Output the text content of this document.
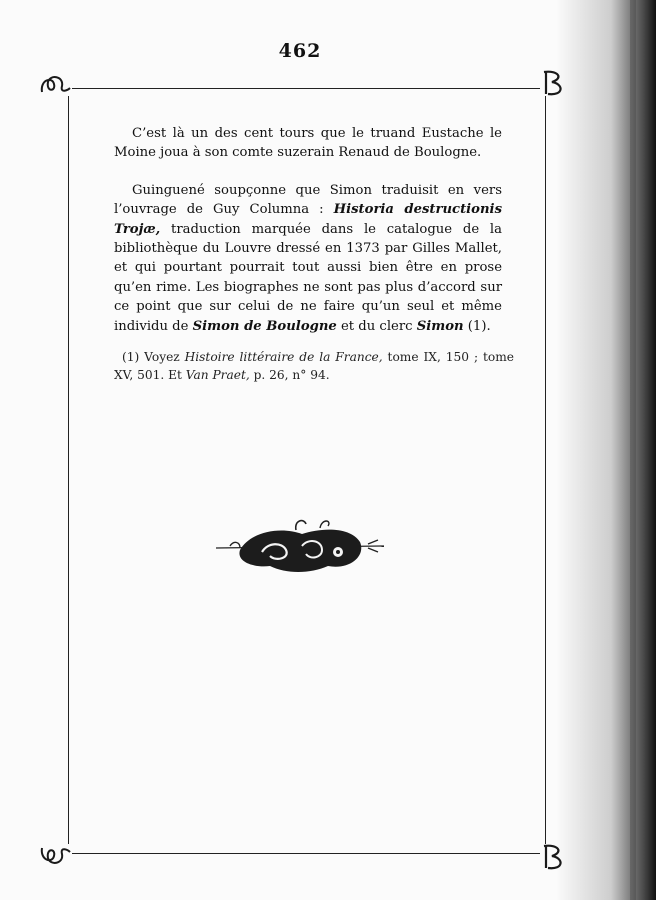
462

C’est là un des cent tours que le truand Eustache le Moine joua à son comte suzerain Renaud de Boulogne.

Guinguené soupçonne que Simon traduisit en vers l’ouvrage de Guy Columna : Historia destructionis Trojæ, traduction marquée dans le catalogue de la bibliothèque du Louvre dressé en 1373 par Gilles Mallet, et qui pourtant pourrait tout aussi bien être en prose qu’en rime. Les biographes ne sont pas plus d’accord sur ce point que sur celui de ne faire qu’un seul et même individu de Simon de Boulogne et du clerc Simon (1).

(1) Voyez Histoire littéraire de la France, tome IX, 150 ; tome XV, 501. Et Van Praet, p. 26, n° 94.
